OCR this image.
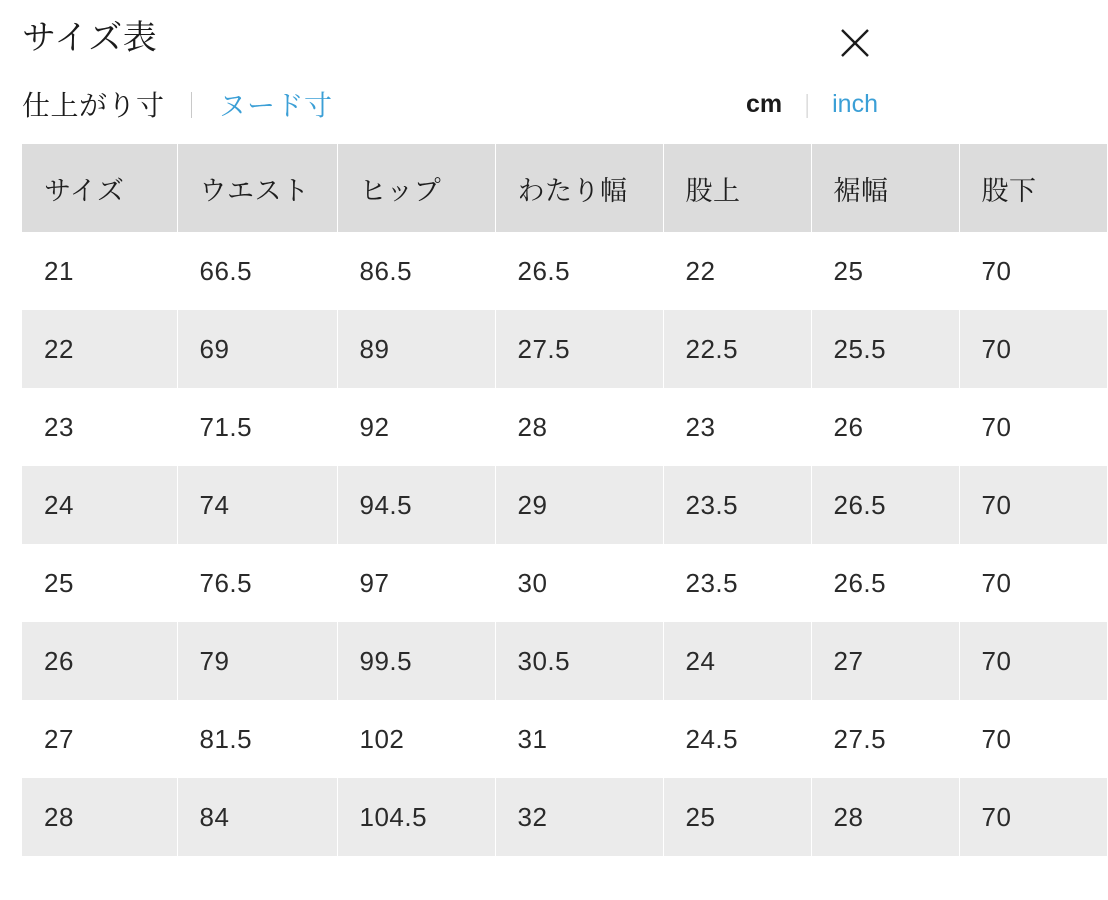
サイズ表
仕上がり寸 ｜ ヌード寸	cm ｜ inch
サイズ	ウエスト	ヒップ	わたり幅	股上	裾幅	股下
21	66.5	86.5	26.5	22	25	70
22	69	89	27.5	22.5	25.5	70
23	71.5	92	28	23	26	70
24	74	94.5	29	23.5	26.5	70
25	76.5	97	30	23.5	26.5	70
26	79	99.5	30.5	24	27	70
27	81.5	102	31	24.5	27.5	70
28	84	104.5	32	25	28	70
